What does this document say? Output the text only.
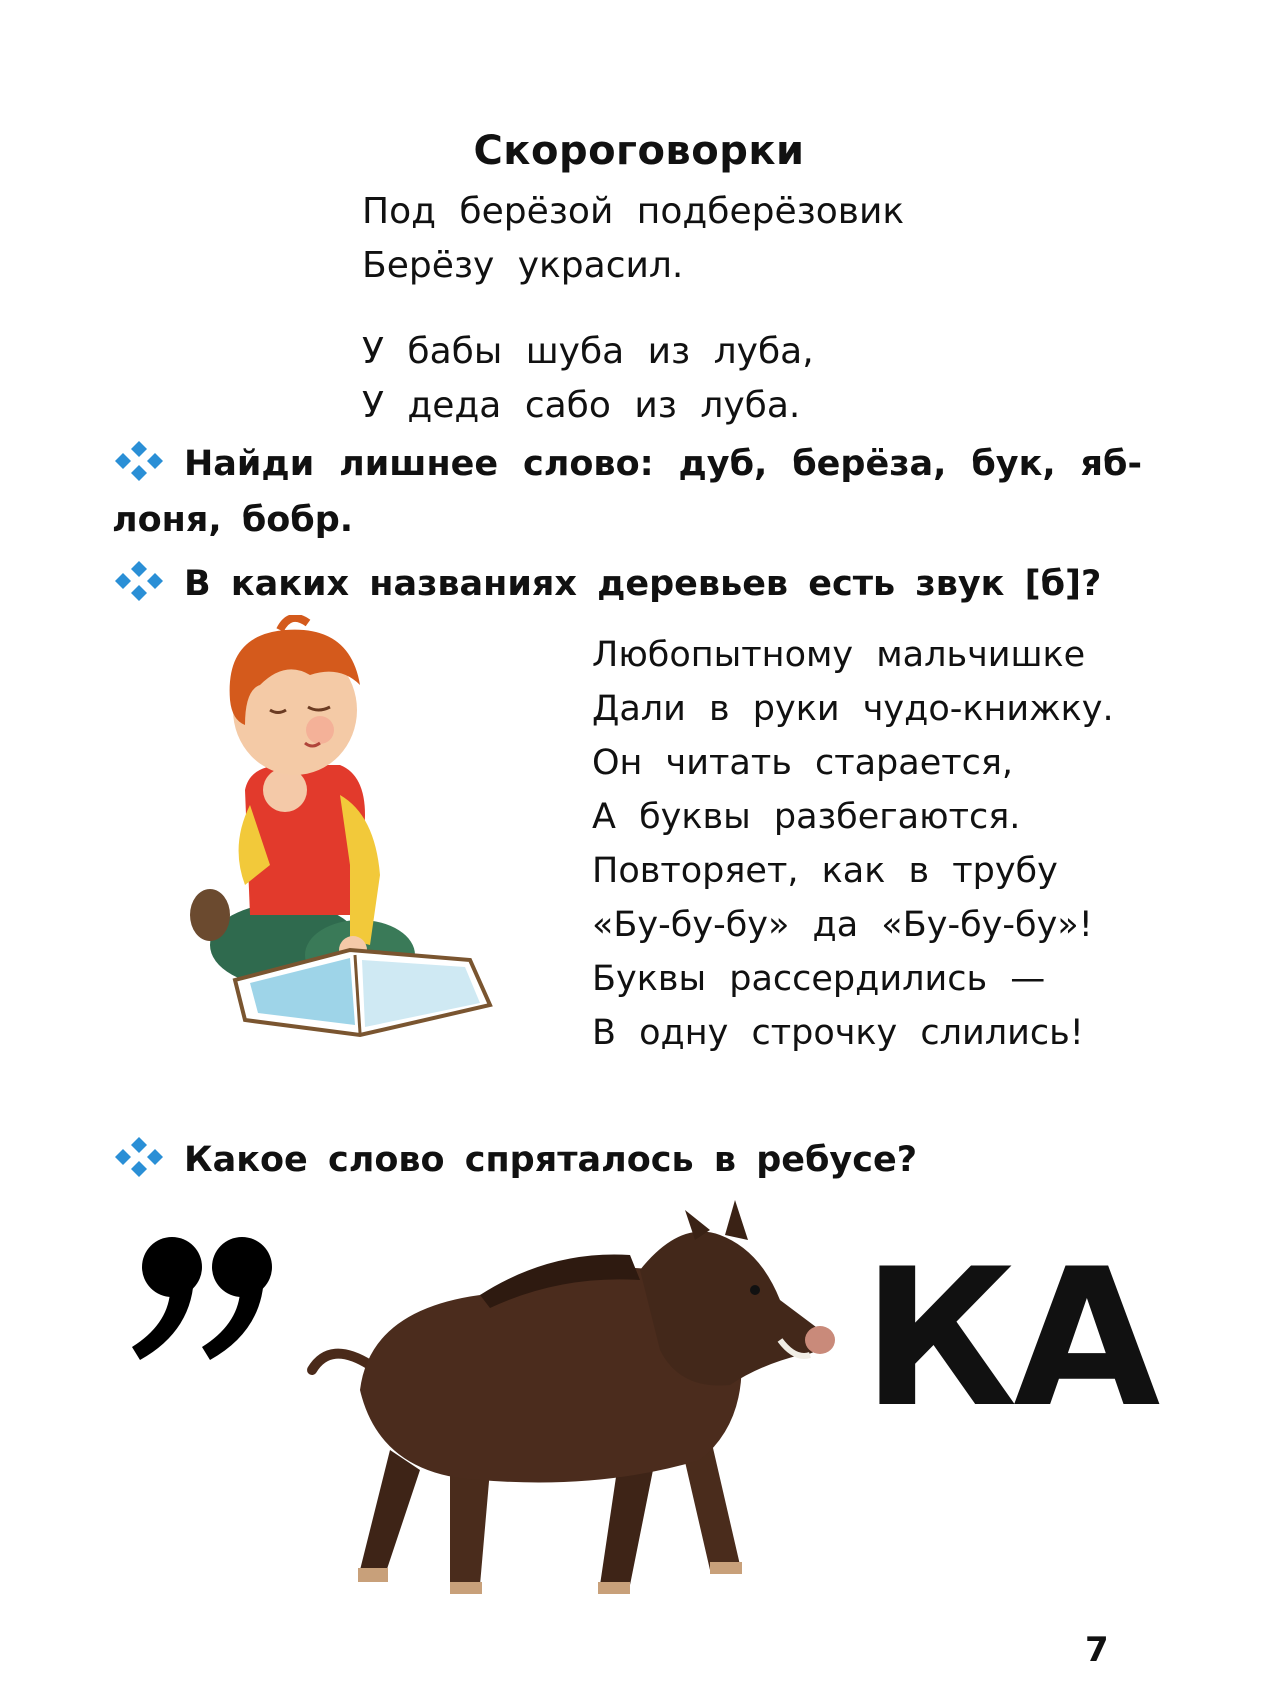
Скороговорки
Под берёзой подберёзовик
Берёзу украсил.
У бабы шуба из луба,
У деда сабо из луба.
Найди лишнее слово: дуб, берёза, бук, яб-
лоня, бобр.
В каких названиях деревьев есть звук [б]?
Любопытному мальчишке
Дали в руки чудо-книжку.
Он читать старается,
А буквы разбегаются.
Повторяет, как в трубу
«Бу-бу-бу» да «Бу-бу-бу»!
Буквы рассердились —
В одну строчку слились!
Какое слово спряталось в ребусе?
КА
7
